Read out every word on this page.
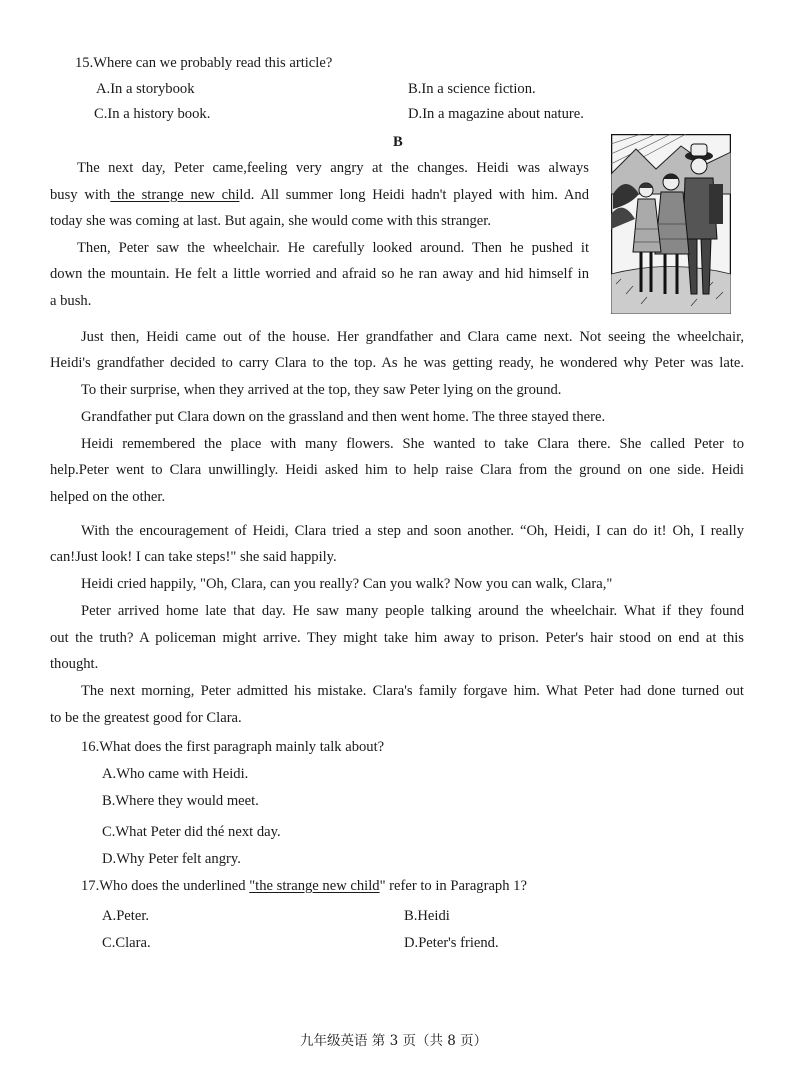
15.Where can we probably read this article?
A.In a storybook	B.In a science fiction.
C.In a history book.	D.In a magazine about nature.
B
The next day, Peter came,feeling very angry at the changes. Heidi was always
busy with the strange new child. All summer long Heidi hadn't played with him. And
today she was coming at last. But again, she would come with this stranger.
Then, Peter saw the wheelchair. He carefully looked around. Then he pushed it
down the mountain. He felt a little worried and afraid so he ran away and hid himself in
a bush.
Just then, Heidi came out of the house. Her grandfather and Clara came next. Not seeing the wheelchair,
Heidi's grandfather decided to carry Clara to the top. As he was getting ready, he wondered why Peter was late.
To their surprise, when they arrived at the top, they saw Peter lying on the ground.
Grandfather put Clara down on the grassland and then went home. The three stayed there.
Heidi remembered the place with many flowers. She wanted to take Clara there. She called Peter to
help.Peter went to Clara unwillingly. Heidi asked him to help raise Clara from the ground on one side. Heidi
helped on the other.
With the encouragement of Heidi, Clara tried a step and soon another. “Oh, Heidi, I can do it! Oh, I really
can!Just look! I can take steps!" she said happily.
Heidi cried happily, "Oh, Clara, can you really? Can you walk? Now you can walk, Clara,"
Peter arrived home late that day. He saw many people talking around the wheelchair. What if they found
out the truth? A policeman might arrive. They might take him away to prison. Peter's hair stood on end at this
thought.
The next morning, Peter admitted his mistake. Clara's family forgave him. What Peter had done turned out
to be the greatest good for Clara.
16.What does the first paragraph mainly talk about?
A.Who came with Heidi.
B.Where they would meet.
C.What Peter did thé next day.
D.Why Peter felt angry.
17.Who does the underlined "the strange new child" refer to in Paragraph 1?
A.Peter.	B.Heidi
C.Clara.	D.Peter's friend.
九年级英语 第 3 页（共 8 页）
